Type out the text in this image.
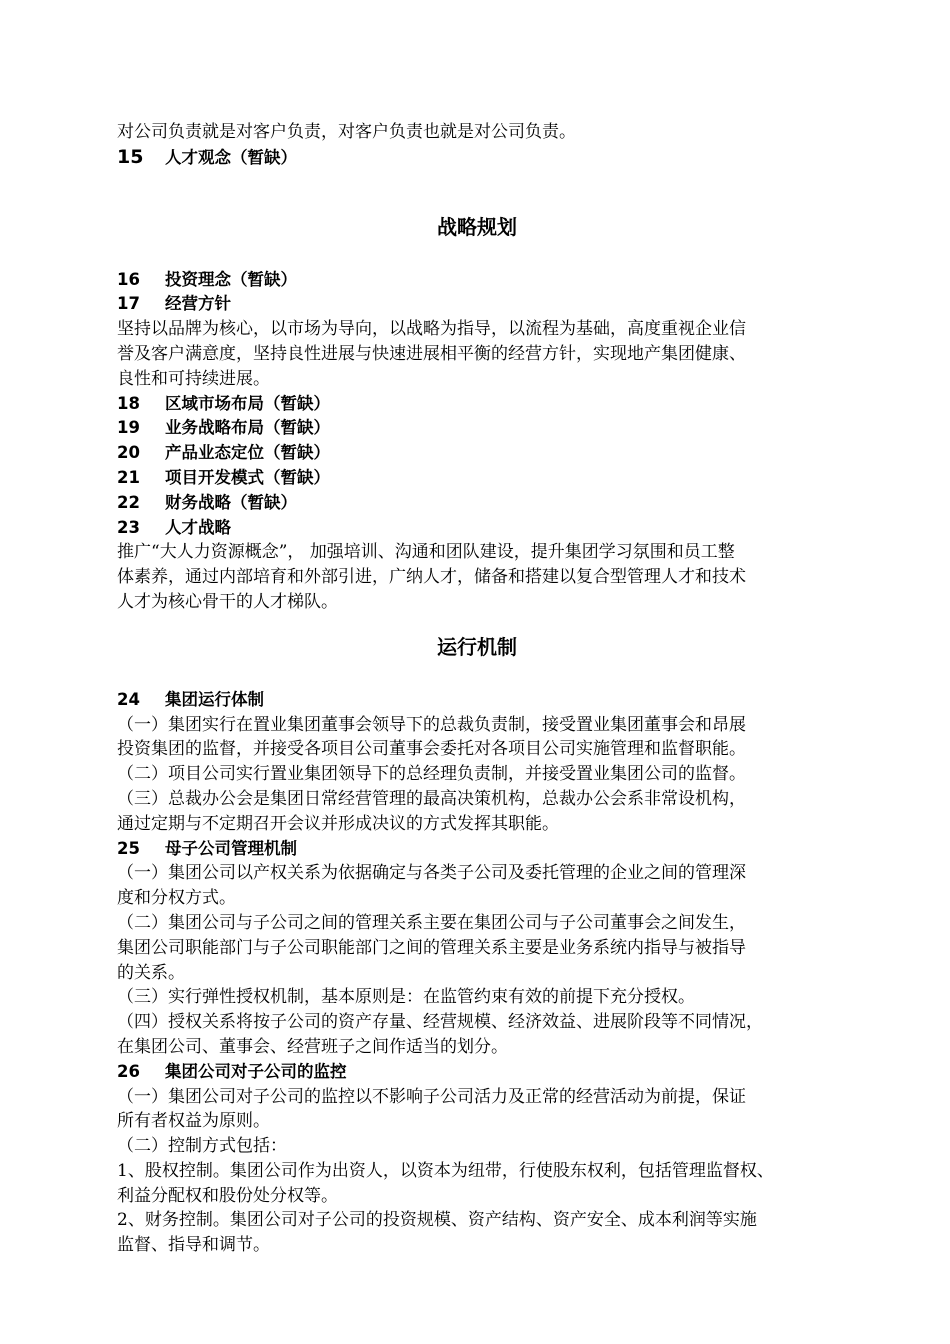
对公司负责就是对客户负责，对客户负责也就是对公司负责。

15 人才观念（暂缺）

战略规划

16 投资理念（暂缺）

17 经营方针

坚持以品牌为核心，以市场为导向，以战略为指导，以流程为基础，高度重视企业信
誉及客户满意度，坚持良性进展与快速进展相平衡的经营方针，实现地产集团健康、
良性和可持续进展。

18 区域市场布局（暂缺）

19 业务战略布局（暂缺）

20 产品业态定位（暂缺）

21 项目开发模式（暂缺）

22 财务战略（暂缺）

23 人才战略

推广“大人力资源概念”， 加强培训、沟通和团队建设，提升集团学习氛围和员工整
体素养，通过内部培育和外部引进，广纳人才，储备和搭建以复合型管理人才和技术
人才为核心骨干的人才梯队。

运行机制

24 集团运行体制

（一）集团实行在置业集团董事会领导下的总裁负责制，接受置业集团董事会和昂展
投资集团的监督，并接受各项目公司董事会委托对各项目公司实施管理和监督职能。

（二）项目公司实行置业集团领导下的总经理负责制，并接受置业集团公司的监督。

（三）总裁办公会是集团日常经营管理的最高决策机构，总裁办公会系非常设机构，
通过定期与不定期召开会议并形成决议的方式发挥其职能。

25 母子公司管理机制

（一）集团公司以产权关系为依据确定与各类子公司及委托管理的企业之间的管理深
度和分权方式。

（二）集团公司与子公司之间的管理关系主要在集团公司与子公司董事会之间发生，
集团公司职能部门与子公司职能部门之间的管理关系主要是业务系统内指导与被指导
的关系。

（三）实行弹性授权机制，基本原则是：在监管约束有效的前提下充分授权。

（四）授权关系将按子公司的资产存量、经营规模、经济效益、进展阶段等不同情况，
在集团公司、董事会、经营班子之间作适当的划分。

26 集团公司对子公司的监控

（一）集团公司对子公司的监控以不影响子公司活力及正常的经营活动为前提，保证
所有者权益为原则。

（二）控制方式包括：

1、股权控制。集团公司作为出资人，以资本为纽带，行使股东权利，包括管理监督权、
利益分配权和股份处分权等。

2、财务控制。集团公司对子公司的投资规模、资产结构、资产安全、成本利润等实施
监督、指导和调节。
